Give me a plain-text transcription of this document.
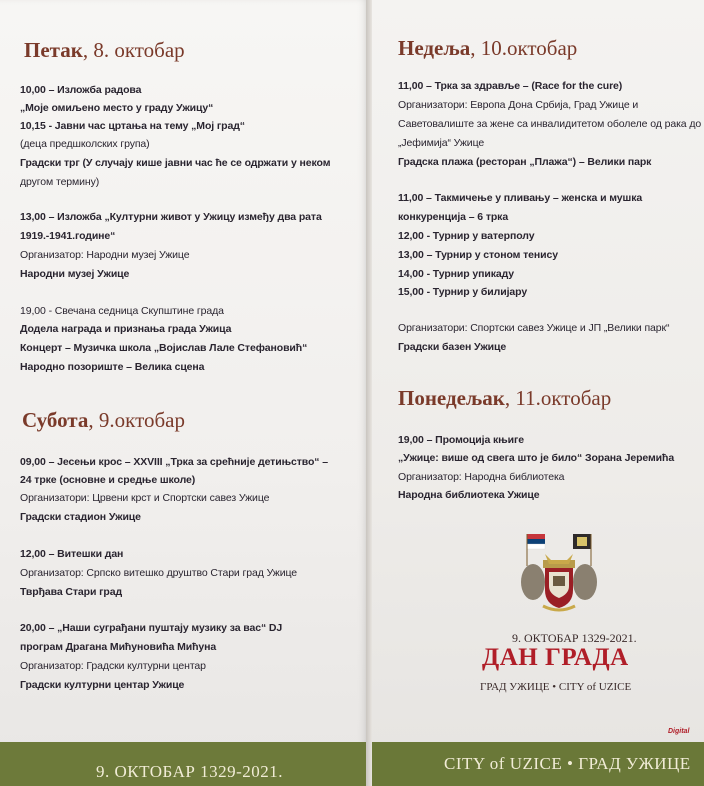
Петак, 8. октобар
10,00 – Изложба радова
„Моје омиљено место у граду Ужицу“
10,15 - Јавни час цртања на тему „Мој град“
(деца предшколских група)
Градски трг (У случају кише јавни час ће се одржати у неком
другом термину)
13,00 – Изложба „Културни живот у Ужицу између два рата
1919.-1941.године“
Организатор: Народни музеј Ужице
Народни музеј Ужице
19,00 - Свечана седница Скупштине града
Додела награда и признања града Ужица
Концерт – Музичка школа „Војислав Лале Стефановић“
Народно позориште – Велика сцена
Субота, 9.октобар
09,00 – Јесењи крос – XXVIII „Трка за срећније детињство“ –
24 трке (основне и средње школе)
Организатори: Црвени крст и Спортски савез Ужице
Градски стадион Ужице
12,00 – Витешки дан
Организатор: Српско витешко друштво Стари град Ужице
Тврђава Стари град
20,00 – „Наши суграђани пуштају музику за вас“ DJ
програм Драгана Мићуновића Мићуна
Организатор: Градски културни центар
Градски културни центар Ужице
9. ОКТОБАР 1329-2021.
Недеља, 10.октобар
11,00 – Трка за здравље – (Race for the cure)
Организатори: Европа Дона Србија, Град Ужице и
Саветовалиште за жене са инвалидитетом оболеле од рака до
„Јефимија“ Ужице
Градска плажа (ресторан „Плажа“) – Велики парк
11,00 – Такмичење у пливању – женска и мушка
конкуренција – 6 трка
12,00 - Турнир у ватерполу
13,00 – Турнир у стоном тенису
14,00 - Турнир упикаду
15,00 - Турнир у билијару
Организатори: Спортски савез Ужице и ЈП „Велики парк“
Градски базен Ужице
Понедељак, 11.октобар
19,00 – Промоција књиге
„Ужице: више од свега што је било“ Зорана Јеремића
Организатор: Народна библиотека
Народна библиотека Ужице
9. ОКТОБАР 1329-2021.
ДАН ГРАДА
ГРАД УЖИЦЕ • CITY of UZICE
Digital
CITY of UZICE • ГРАД УЖИЦЕ
